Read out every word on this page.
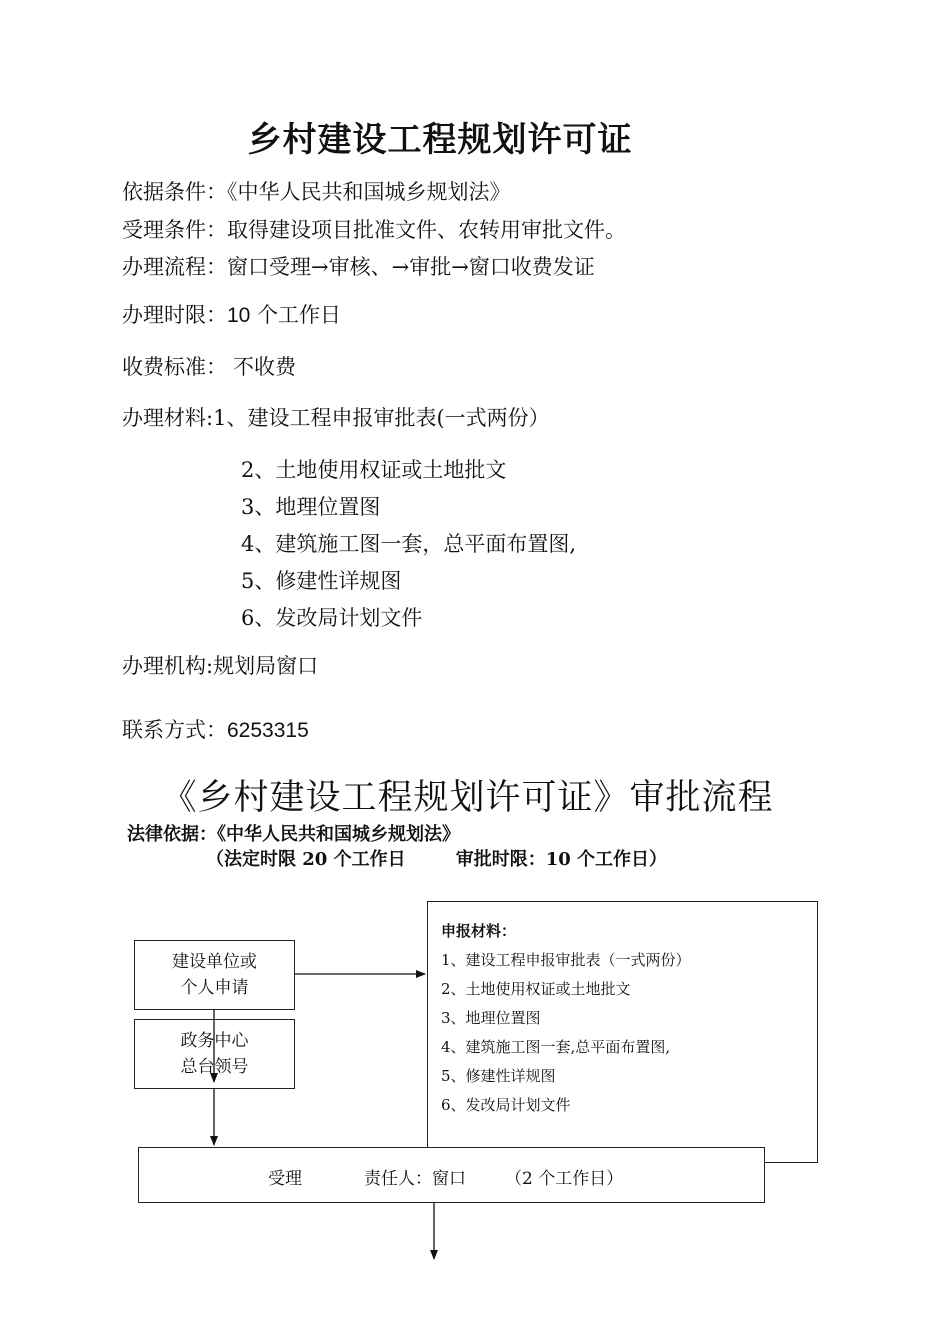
乡村建设工程规划许可证
依据条件：《中华人民共和国城乡规划法》
受理条件：取得建设项目批准文件、农转用审批文件。
办理流程：窗口受理→审核、→审批→窗口收费发证
办理时限：10 个工作日
收费标准： 不收费
办理材料:1、建设工程申报审批表(一式两份）
2、土地使用权证或土地批文
3、地理位置图
4、建筑施工图一套，总平面布置图,
5、修建性详规图
6、发改局计划文件
办理机构:规划局窗口
联系方式：6253315
《乡村建设工程规划许可证》审批流程
法律依据：《中华人民共和国城乡规划法》
（法定时限 20 个工作日        审批时限：10 个工作日）
申报材料：
1、建设工程申报审批表（一式两份）
2、土地使用权证或土地批文
3、地理位置图
4、建筑施工图一套,总平面布置图,
5、修建性详规图
6、发改局计划文件
受理	责任人：窗口 （2 个工作日）
建设单位或
个人申请
政务中心
总台领号
